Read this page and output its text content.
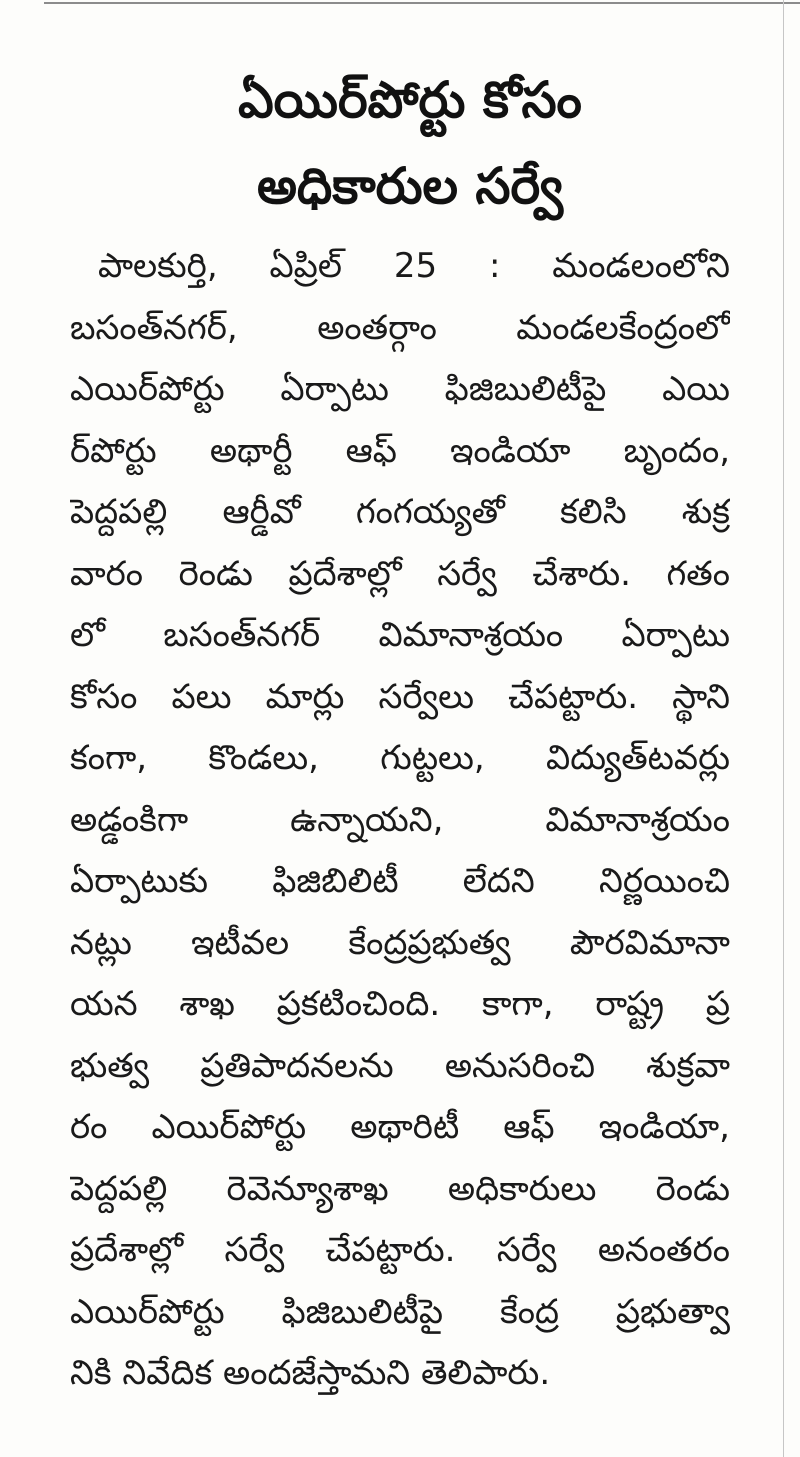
ఏయిర్‌పోర్టు కోసం
అధికారుల సర్వే
పాలకుర్తి, ఏప్రిల్ 25 : మండలంలోని
బసంత్‌నగర్, అంతర్గాం మండలకేంద్రంలో
ఎయిర్‌పోర్టు ఏర్పాటు ఫిజిబులిటీపై ఎయి
ర్‌పోర్టు అథార్టీ ఆఫ్ ఇండియా బృందం,
పెద్దపల్లి ఆర్డీవో గంగయ్యతో కలిసి శుక్ర
వారం రెండు ప్రదేశాల్లో సర్వే చేశారు. గతం
లో బసంత్‌నగర్ విమానాశ్రయం ఏర్పాటు
కోసం పలు మార్లు సర్వేలు చేపట్టారు. స్థాని
కంగా, కొండలు, గుట్టలు, విద్యుత్‌టవర్లు
అడ్డంకిగా ఉన్నాయని, విమానాశ్రయం
ఏర్పాటుకు ఫిజిబిలిటీ లేదని నిర్ణయించి
నట్లు ఇటీవల కేంద్రప్రభుత్వ పౌరవిమానా
యన శాఖ ప్రకటించింది. కాగా, రాష్ట్ర ప్ర
భుత్వ ప్రతిపాదనలను అనుసరించి శుక్రవా
రం ఎయిర్‌పోర్టు అథారిటీ ఆఫ్ ఇండియా,
పెద్దపల్లి రెవెన్యూశాఖ అధికారులు రెండు
ప్రదేశాల్లో సర్వే చేపట్టారు. సర్వే అనంతరం
ఎయిర్‌పోర్టు ఫిజిబులిటీపై కేంద్ర ప్రభుత్వా
నికి నివేదిక అందజేస్తామని తెలిపారు.
